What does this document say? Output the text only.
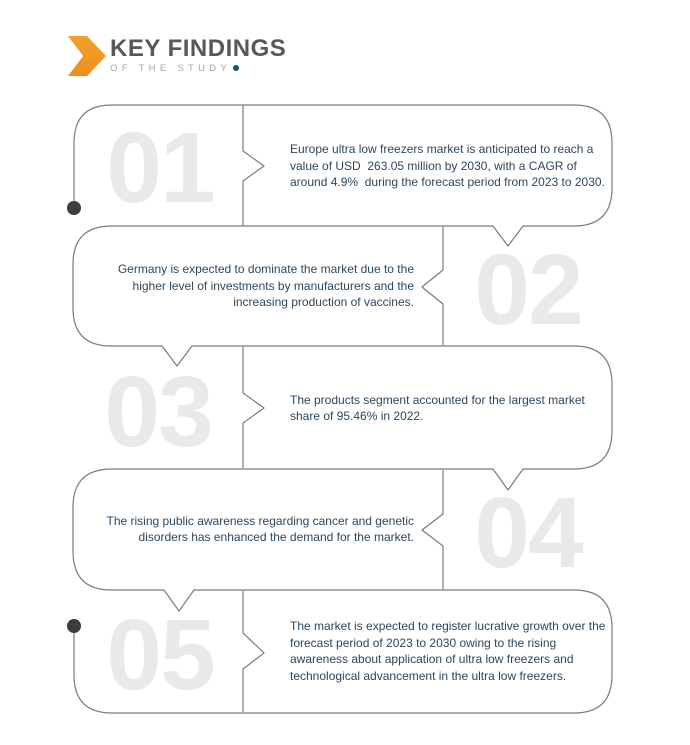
KEY FINDINGS
OF THE STUDY
01	Europe ultra low freezers market is anticipated to reach a value of USD  263.05 million by 2030, with a CAGR of around 4.9%  during the forecast period from 2023 to 2030.
02
Germany is expected to dominate the market due to the higher level of investments by manufacturers and the increasing production of vaccines.
03	The products segment accounted for the largest market share of 95.46% in 2022.
04
The rising public awareness regarding cancer and genetic disorders has enhanced the demand for the market.
05	The market is expected to register lucrative growth over the forecast period of 2023 to 2030 owing to the rising awareness about application of ultra low freezers and technological advancement in the ultra low freezers.
